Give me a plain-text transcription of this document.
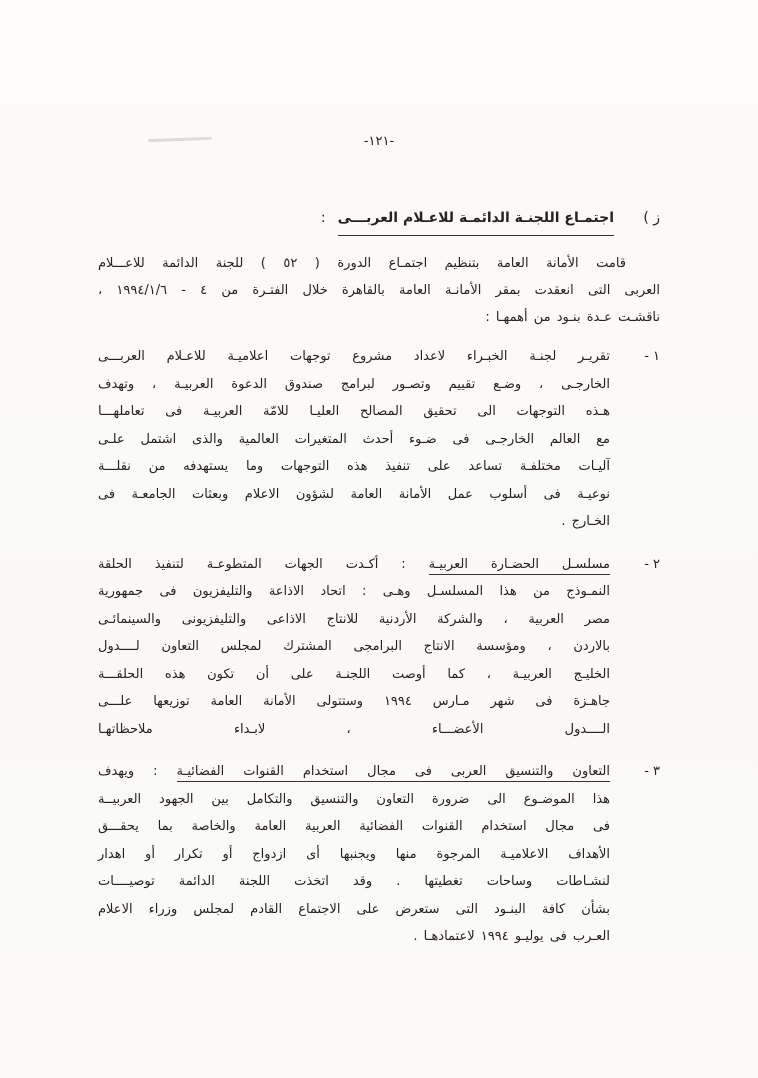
-١٢١-
ز )
اجتمـاع اللجنـة الدائمـة للاعـلام العربـــى
:
قامت الأمانة العامة بتنظيم اجتمـاع الدورة ( ٥٢ ) للجنة الدائمة للاعـــلام
العربى التى انعقدت بمقر الأمانـة العامة بالقاهرة خلال الفتـرة من ٤ - ١٩٩٤/١/٦ ،
ناقشـت عـدة بنـود من أهمهـا :
١ -
تقريـر لجنـة الخبـراء لاعداد مشروع توجهات اعلاميـة للاعـلام العربـــى
الخارجـى ، وضـع تقييم وتصـور لبرامج صندوق الدعوة العربيـة ، وتهدف
هـذه التوجهات الى تحقيق المصالح العليـا للامّة العربيـة فى تعاملهـــا
مع العالم الخارجـى فى ضـوء أحدث المتغيرات العالمية والذى اشتمل علـى
آليـات مختلفـة تساعد على تنفيذ هذه التوجهات وما يستهدفه من نقلـــة
نوعيـة فى أسلوب عمل الأمانة العامة لشؤون الاعلام وبعثات الجامعـة فى
الخـارج .
٢ -
مسلسـل الحضـارة العربيـة : أكـدت الجهات المتطوعـة لتنفيذ الحلقة
النمـوذج من هذا المسلسـل وهـى : اتحاد الاذاعة والتليفزيون فى جمهورية
مصر العربية ، والشركة الأردنية للانتاج الاذاعى والتليفزيونى والسينمائـى
بالاردن ، ومؤسسة الانتاج البرامجى المشترك لمجلس التعاون لــــدول
الخليـج العربيـة ، كما أوصت اللجنـة على أن تكون هذه الحلقـــة
جاهـزة فى شهر مـارس ١٩٩٤ وستتولى الأمانة العامة توزيعها علـــى
الــــدول الأعضـــاء ، لابـداء ملاحظاتهـا
٣ -
التعاون والتنسيق العربى فى مجال استخدام القنوات الفضائيـة : ويهدف
هذا الموضـوع الى ضرورة التعاون والتنسيق والتكامل بين الجهود العربيــة
فى مجال استخدام القنوات الفضائية العربية العامة والخاصة بما يحقـــق
الأهداف الاعلاميـة المرجوة منها ويجنبها أى ازدواج أو تكرار أو اهدار
لنشـاطات وساحات تغطيتها . وقد اتخذت اللجنة الدائمة توصيــــات
بشأن كافة البنـود التى ستعرض على الاجتماع القادم لمجلس وزراء الاعلام
العـرب فى يوليـو ١٩٩٤ لاعتمادهـا .
